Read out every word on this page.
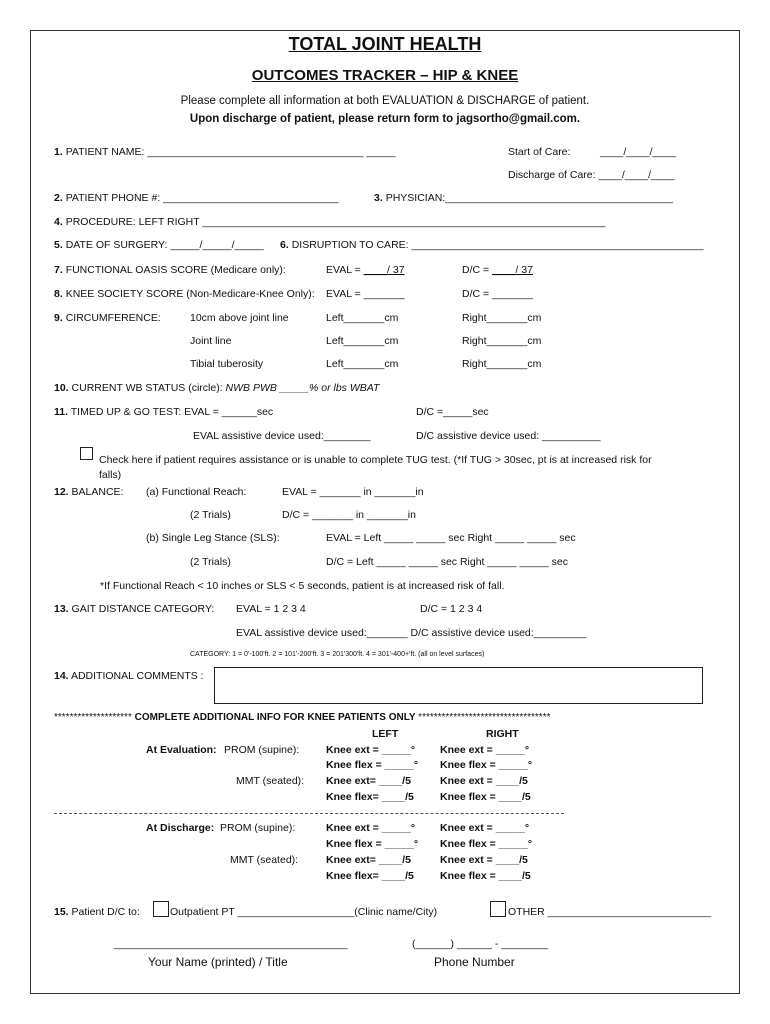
TOTAL JOINT HEALTH
OUTCOMES TRACKER – HIP & KNEE
Please complete all information at both EVALUATION & DISCHARGE of patient.
Upon discharge of patient, please return form to jagsortho@gmail.com.
1. PATIENT NAME: _____________________________________ _____	Start of Care:	____/____/____
Discharge of Care: ____/____/____
2. PATIENT PHONE #: ______________________________	3. PHYSICIAN:_______________________________________
4. PROCEDURE: LEFT RIGHT _____________________________________________________________________
5. DATE OF SURGERY: _____/_____/_____ 6. DISRUPTION TO CARE: __________________________________________________
7. FUNCTIONAL OASIS SCORE (Medicare only):	EVAL = ____/ 37	D/C = ____/ 37
8. KNEE SOCIETY SCORE (Non-Medicare-Knee Only): EVAL = _______	D/C = _______
9. CIRCUMFERENCE:	10cm above joint line	Left_______cm	Right_______cm
Joint line	Left_______cm	Right_______cm
Tibial tuberosity	Left_______cm	Right_______cm
10. CURRENT WB STATUS (circle): NWB PWB _____% or lbs WBAT
11. TIMED UP & GO TEST: EVAL = ______sec	D/C =_____sec
EVAL assistive device used:________	D/C assistive device used: __________
Check here if patient requires assistance or is unable to complete TUG test. (*If TUG > 30sec, pt is at increased risk for
falls)
12. BALANCE: (a) Functional Reach:	EVAL = _______ in _______in
(2 Trials)	D/C = _______ in _______in
(b) Single Leg Stance (SLS):	EVAL = Left _____ _____ sec Right _____ _____ sec
(2 Trials)	D/C = Left _____ _____ sec Right _____ _____ sec
*If Functional Reach < 10 inches or SLS < 5 seconds, patient is at increased risk of fall.
13. GAIT DISTANCE CATEGORY: EVAL = 1 2 3 4	D/C = 1 2 3 4
EVAL assistive device used:_______ D/C assistive device used:_________
CATEGORY: 1 = 0'-100'ft. 2 = 101'-200'ft. 3 = 201'300'ft. 4 = 301'-400+'ft. (all on level surfaces)
14. ADDITIONAL COMMENTS :
******************** COMPLETE ADDITIONAL INFO FOR KNEE PATIENTS ONLY **********************************
LEFT	RIGHT
At Evaluation: PROM (supine):	Knee ext = _____° Knee ext = _____°
Knee flex = _____° Knee flex = _____°
MMT (seated): Knee ext= ____/5	Knee ext = ____/5
Knee flex= ____/5 Knee flex = ____/5
At Discharge: PROM (supine):	Knee ext = _____° Knee ext = _____°
Knee flex = _____° Knee flex = _____°
MMT (seated):	Knee ext= ____/5	Knee ext = ____/5
Knee flex= ____/5 Knee flex = ____/5
15. Patient D/C to:	Outpatient PT ____________________(Clinic name/City)	OTHER ____________________________
________________________________________	(______) ______ - ________
Your Name (printed) / Title	Phone Number
